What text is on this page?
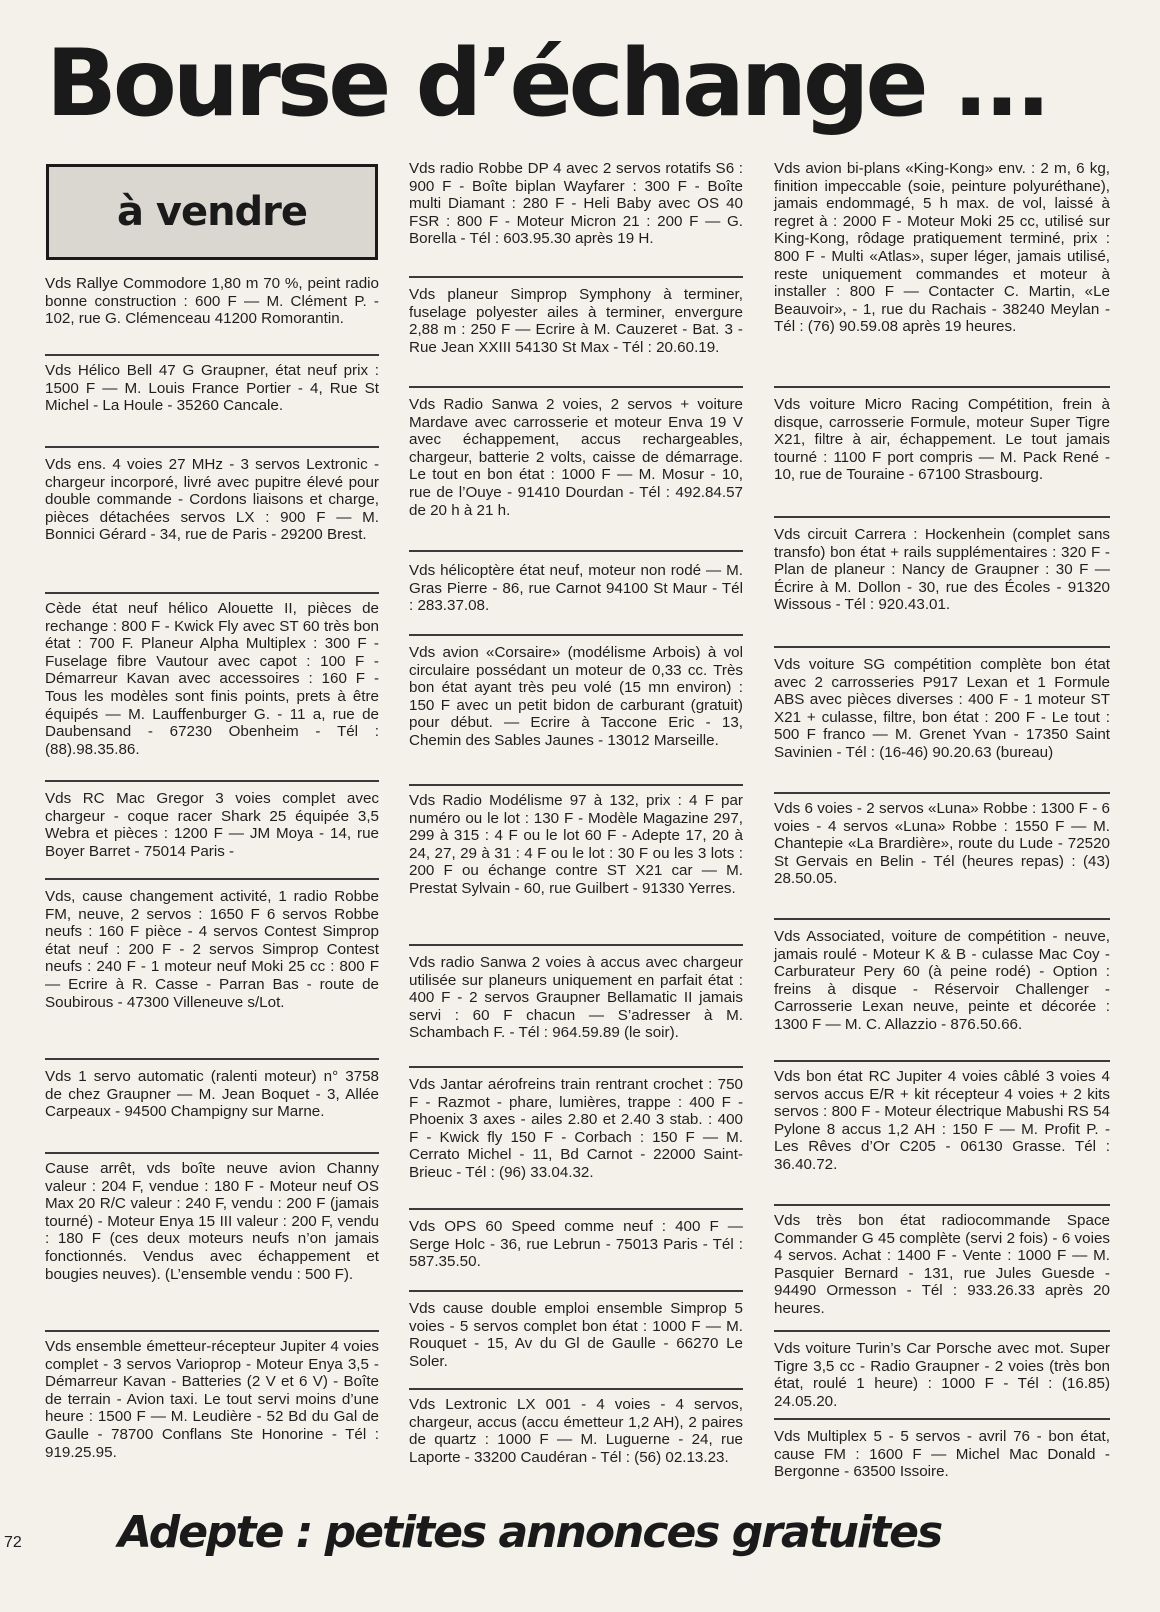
Bourse d’échange ...
à vendre
Vds Rallye Commodore 1,80 m 70 %, peint radio bonne construction : 600 F — M. Clément P. - 102, rue G. Clémenceau 41200 Romorantin.
Vds Hélico Bell 47 G Graupner, état neuf prix : 1500 F — M. Louis France Portier - 4, Rue St Michel - La Houle - 35260 Cancale.
Vds ens. 4 voies 27 MHz - 3 servos Lextronic - chargeur incorporé, livré avec pupitre élevé pour double commande - Cordons liaisons et charge, pièces détachées servos LX : 900 F — M. Bonnici Gérard - 34, rue de Paris - 29200 Brest.
Cède état neuf hélico Alouette II, pièces de rechange : 800 F - Kwick Fly avec ST 60 très bon état : 700 F. Planeur Alpha Multiplex : 300 F - Fuselage fibre Vautour avec capot : 100 F - Démarreur Kavan avec accessoires : 160 F - Tous les modèles sont finis points, prets à être équipés — M. Lauffenburger G. - 11 a, rue de Daubensand - 67230 Obenheim - Tél : (88).98.35.86.
Vds RC Mac Gregor 3 voies complet avec chargeur - coque racer Shark 25 équipée 3,5 Webra et pièces : 1200 F — JM Moya - 14, rue Boyer Barret - 75014 Paris -
Vds, cause changement activité, 1 radio Robbe FM, neuve, 2 servos : 1650 F 6 servos Robbe neufs : 160 F pièce - 4 servos Contest Simprop état neuf : 200 F - 2 servos Simprop Contest neufs : 240 F - 1 moteur neuf Moki 25 cc : 800 F — Ecrire à R. Casse - Parran Bas - route de Soubirous - 47300 Villeneuve s/Lot.
Vds 1 servo automatic (ralenti moteur) n° 3758 de chez Graupner — M. Jean Boquet - 3, Allée Carpeaux - 94500 Champigny sur Marne.
Cause arrêt, vds boîte neuve avion Channy valeur : 204 F, vendue : 180 F - Moteur neuf OS Max 20 R/C valeur : 240 F, vendu : 200 F (jamais tourné) - Moteur Enya 15 III valeur : 200 F, vendu : 180 F (ces deux moteurs neufs n’on jamais fonctionnés. Vendus avec échappement et bougies neuves). (L’ensemble vendu : 500 F).
Vds ensemble émetteur-récepteur Jupiter 4 voies complet - 3 servos Varioprop - Moteur Enya 3,5 - Démarreur Kavan - Batteries (2 V et 6 V) - Boîte de terrain - Avion taxi. Le tout servi moins d’une heure : 1500 F — M. Leudière - 52 Bd du Gal de Gaulle - 78700 Conflans Ste Honorine - Tél : 919.25.95.
Vds radio Robbe DP 4 avec 2 servos rotatifs S6 : 900 F - Boîte biplan Wayfarer : 300 F - Boîte multi Diamant : 280 F - Heli Baby avec OS 40 FSR : 800 F - Moteur Micron 21 : 200 F — G. Borella - Tél : 603.95.30 après 19 H.
Vds planeur Simprop Symphony à terminer, fuselage polyester ailes à terminer, envergure 2,88 m : 250 F — Ecrire à M. Cauzeret - Bat. 3 - Rue Jean XXIII 54130 St Max - Tél : 20.60.19.
Vds Radio Sanwa 2 voies, 2 servos + voiture Mardave avec carrosserie et moteur Enva 19 V avec échappement, accus rechargeables, chargeur, batterie 2 volts, caisse de démarrage. Le tout en bon état : 1000 F — M. Mosur - 10, rue de l’Ouye - 91410 Dourdan - Tél : 492.84.57 de 20 h à 21 h.
Vds hélicoptère état neuf, moteur non rodé — M. Gras Pierre - 86, rue Carnot 94100 St Maur - Tél : 283.37.08.
Vds avion «Corsaire» (modélisme Arbois) à vol circulaire possédant un moteur de 0,33 cc. Très bon état ayant très peu volé (15 mn environ) : 150 F avec un petit bidon de carburant (gratuit) pour début. — Ecrire à Taccone Eric - 13, Chemin des Sables Jaunes - 13012 Marseille.
Vds Radio Modélisme 97 à 132, prix : 4 F par numéro ou le lot : 130 F - Modèle Magazine 297, 299 à 315 : 4 F ou le lot 60 F - Adepte 17, 20 à 24, 27, 29 à 31 : 4 F ou le lot : 30 F ou les 3 lots : 200 F ou échange contre ST X21 car — M. Prestat Sylvain - 60, rue Guilbert - 91330 Yerres.
Vds radio Sanwa 2 voies à accus avec chargeur utilisée sur planeurs uniquement en parfait état : 400 F - 2 servos Graupner Bellamatic II jamais servi : 60 F chacun — S’adresser à M. Schambach F. - Tél : 964.59.89 (le soir).
Vds Jantar aérofreins train rentrant crochet : 750 F - Razmot - phare, lumières, trappe : 400 F - Phoenix 3 axes - ailes 2.80 et 2.40 3 stab. : 400 F - Kwick fly 150 F - Corbach : 150 F — M. Cerrato Michel - 11, Bd Carnot - 22000 Saint-Brieuc - Tél : (96) 33.04.32.
Vds OPS 60 Speed comme neuf : 400 F — Serge Holc - 36, rue Lebrun - 75013 Paris - Tél : 587.35.50.
Vds cause double emploi ensemble Simprop 5 voies - 5 servos complet bon état : 1000 F — M. Rouquet - 15, Av du Gl de Gaulle - 66270 Le Soler.
Vds Lextronic LX 001 - 4 voies - 4 servos, chargeur, accus (accu émetteur 1,2 AH), 2 paires de quartz : 1000 F — M. Luguerne - 24, rue Laporte - 33200 Caudéran - Tél : (56) 02.13.23.
Vds avion bi-plans «King-Kong» env. : 2 m, 6 kg, finition impeccable (soie, peinture polyuréthane), jamais endommagé, 5 h max. de vol, laissé à regret à : 2000 F - Moteur Moki 25 cc, utilisé sur King-Kong, rôdage pratiquement terminé, prix : 800 F - Multi «Atlas», super léger, jamais utilisé, reste uniquement commandes et moteur à installer : 800 F — Contacter C. Martin, «Le Beauvoir», - 1, rue du Rachais - 38240 Meylan - Tél : (76) 90.59.08 après 19 heures.
Vds voiture Micro Racing Compétition, frein à disque, carrosserie Formule, moteur Super Tigre X21, filtre à air, échappement. Le tout jamais tourné : 1100 F port compris — M. Pack René - 10, rue de Touraine - 67100 Strasbourg.
Vds circuit Carrera : Hockenhein (complet sans transfo) bon état + rails supplémentaires : 320 F - Plan de planeur : Nancy de Graupner : 30 F — Écrire à M. Dollon - 30, rue des Écoles - 91320 Wissous - Tél : 920.43.01.
Vds voiture SG compétition complète bon état avec 2 carrosseries P917 Lexan et 1 Formule ABS avec pièces diverses : 400 F - 1 moteur ST X21 + culasse, filtre, bon état : 200 F - Le tout : 500 F franco — M. Grenet Yvan - 17350 Saint Savinien - Tél : (16-46) 90.20.63 (bureau)
Vds 6 voies - 2 servos «Luna» Robbe : 1300 F - 6 voies - 4 servos «Luna» Robbe : 1550 F — M. Chantepie «La Brardière», route du Lude - 72520 St Gervais en Belin - Tél (heures repas) : (43) 28.50.05.
Vds Associated, voiture de compétition - neuve, jamais roulé - Moteur K & B - culasse Mac Coy - Carburateur Pery 60 (à peine rodé) - Option : freins à disque - Réservoir Challenger - Carrosserie Lexan neuve, peinte et décorée : 1300 F — M. C. Allazzio - 876.50.66.
Vds bon état RC Jupiter 4 voies câblé 3 voies 4 servos accus E/R + kit récepteur 4 voies + 2 kits servos : 800 F - Moteur électrique Mabushi RS 54 Pylone 8 accus 1,2 AH : 150 F — M. Profit P. - Les Rêves d’Or C205 - 06130 Grasse. Tél : 36.40.72.
Vds très bon état radiocommande Space Commander G 45 complète (servi 2 fois) - 6 voies 4 servos. Achat : 1400 F - Vente : 1000 F — M. Pasquier Bernard - 131, rue Jules Guesde - 94490 Ormesson - Tél : 933.26.33 après 20 heures.
Vds voiture Turin’s Car Porsche avec mot. Super Tigre 3,5 cc - Radio Graupner - 2 voies (très bon état, roulé 1 heure) : 1000 F - Tél : (16.85) 24.05.20.
Vds Multiplex 5 - 5 servos - avril 76 - bon état, cause FM : 1600 F — Michel Mac Donald - Bergonne - 63500 Issoire.
Adepte : petites annonces gratuites
72
